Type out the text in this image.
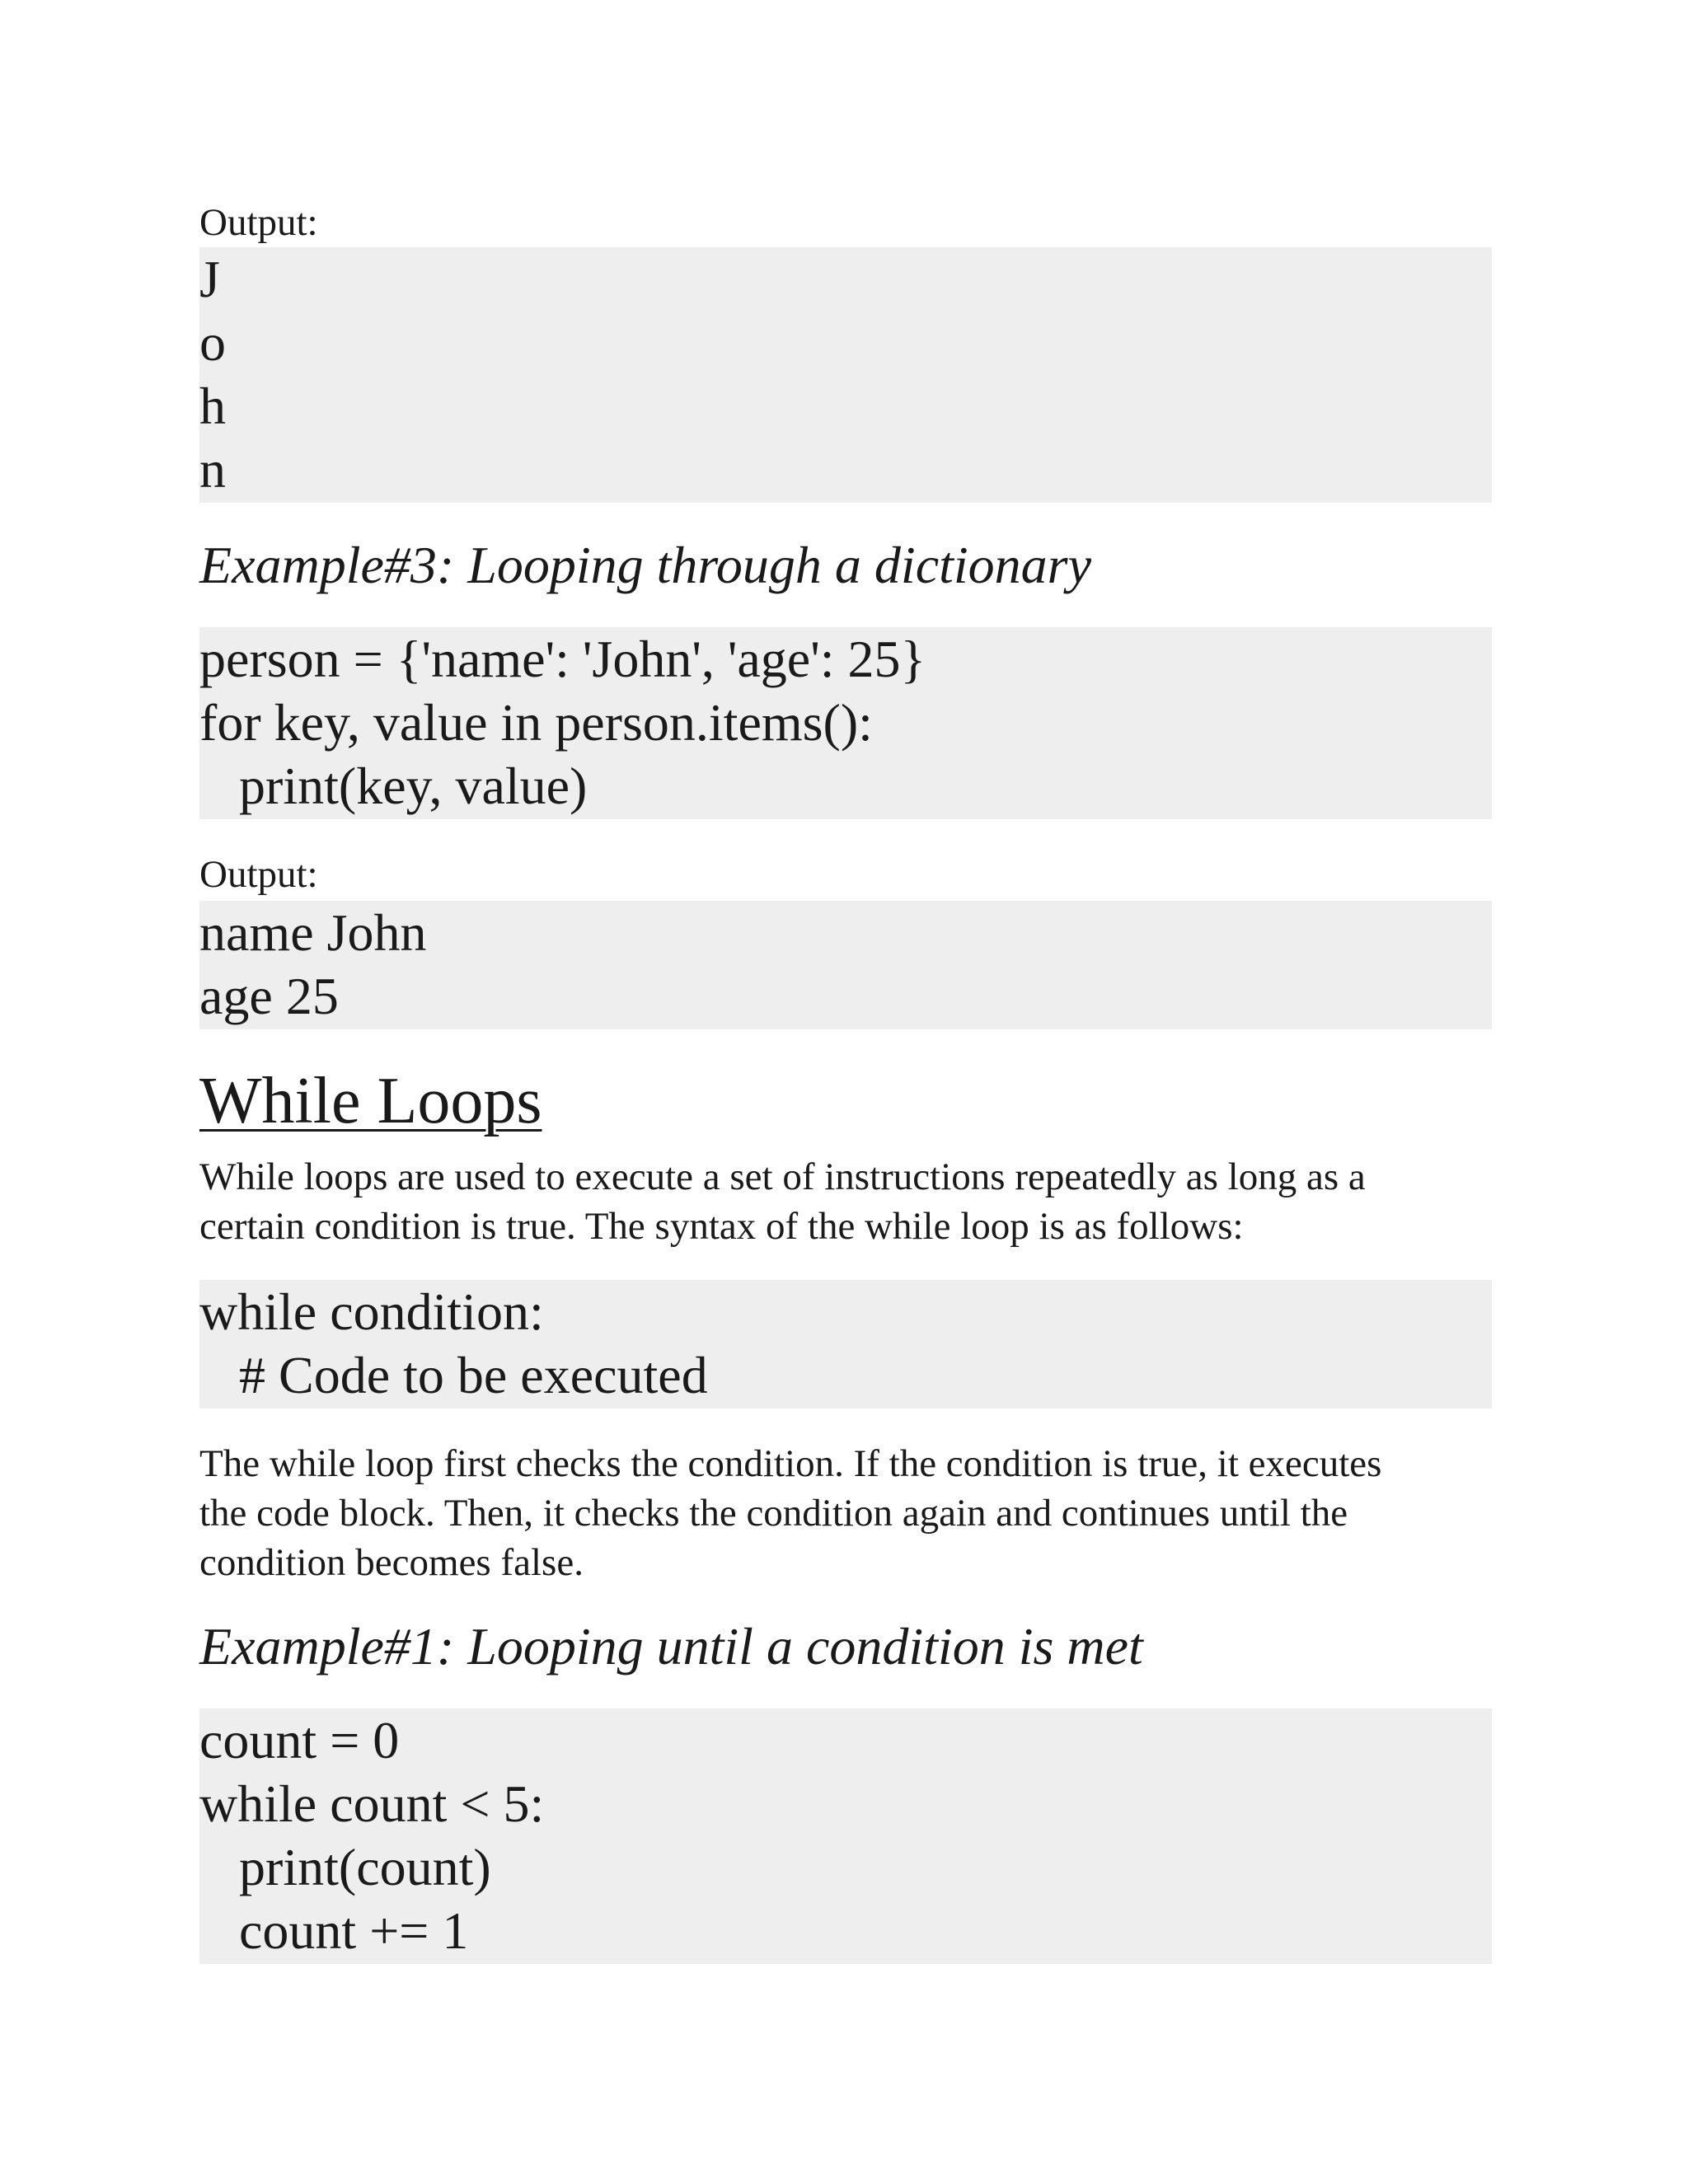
Output:
J
o
h
n
Example#3: Looping through a dictionary
person = {'name': 'John', 'age': 25}
for key, value in person.items():
print(key, value)
Output:
name John
age 25
While Loops
While loops are used to execute a set of instructions repeatedly as long as a
certain condition is true. The syntax of the while loop is as follows:
while condition:
# Code to be executed
The while loop first checks the condition. If the condition is true, it executes
the code block. Then, it checks the condition again and continues until the
condition becomes false.
Example#1: Looping until a condition is met
count = 0
while count < 5:
print(count)
count += 1
